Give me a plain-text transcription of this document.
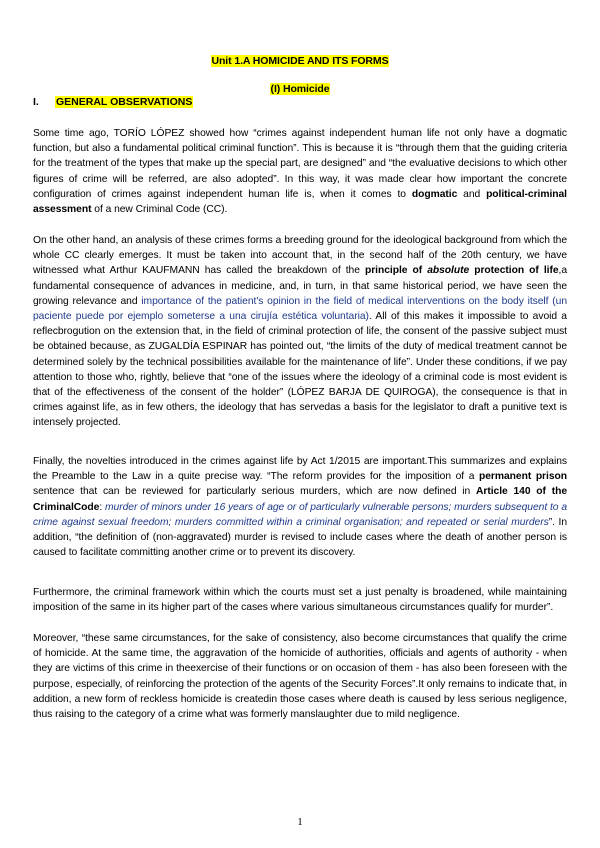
Unit 1.A HOMICIDE AND ITS FORMS
(I) Homicide
I. GENERAL OBSERVATIONS
Some time ago, TORÍO LÓPEZ showed how “crimes against independent human life not only have a dogmatic function, but also a fundamental political criminal function”. This is because it is “through them that the guiding criteria for the treatment of the types that make up the special part, are designed” and “the evaluative decisions to which other figures of crime will be referred, are also adopted”. In this way, it was made clear how important the concrete configuration of crimes against independent human life is, when it comes to dogmatic and political-criminal assessment of a new Criminal Code (CC).
On the other hand, an analysis of these crimes forms a breeding ground for the ideological background from which the whole CC clearly emerges. It must be taken into account that, in the second half of the 20th century, we have witnessed what Arthur KAUFMANN has called the breakdown of the principle of absolute protection of life,a fundamental consequence of advances in medicine, and, in turn, in that same historical period, we have seen the growing relevance and importance of the patient's opinion in the field of medical interventions on the body itself (un paciente puede por ejemplo someterse a una cirujía estética voluntaria). All of this makes it impossible to avoid a reflecbrogution on the extension that, in the field of criminal protection of life, the consent of the passive subject must be obtained because, as ZUGALDÍA ESPINAR has pointed out, “the limits of the duty of medical treatment cannot be determined solely by the technical possibilities available for the maintenance of life”. Under these conditions, if we pay attention to those who, rightly, believe that “one of the issues where the ideology of a criminal code is most evident is that of the effectiveness of the consent of the holder” (LÓPEZ BARJA DE QUIROGA), the consequence is that in crimes against life, as in few others, the ideology that has servedas a basis for the legislator to draft a punitive text is intensely projected.
Finally, the novelties introduced in the crimes against life by Act 1/2015 are important.This summarizes and explains the Preamble to the Law in a quite precise way. “The reform provides for the imposition of a permanent prison sentence that can be reviewed for particularly serious murders, which are now defined in Article 140 of the CriminalCode: murder of minors under 16 years of age or of particularly vulnerable persons; murders subsequent to a crime against sexual freedom; murders committed within a criminal organisation; and repeated or serial murders”. In addition, “the definition of (non-aggravated) murder is revised to include cases where the death of another person is caused to facilitate committing another crime or to prevent its discovery.
Furthermore, the criminal framework within which the courts must set a just penalty is broadened, while maintaining imposition of the same in its higher part of the cases where various simultaneous circumstances qualify for murder”.
Moreover, “these same circumstances, for the sake of consistency, also become circumstances that qualify the crime of homicide. At the same time, the aggravation of the homicide of authorities, officials and agents of authority - when they are victims of this crime in theexercise of their functions or on occasion of them - has also been foreseen with the purpose, especially, of reinforcing the protection of the agents of the Security Forces”.It only remains to indicate that, in addition, a new form of reckless homicide is createdin those cases where death is caused by less serious negligence, thus raising to the category of a crime what was formerly manslaughter due to mild negligence.
1
